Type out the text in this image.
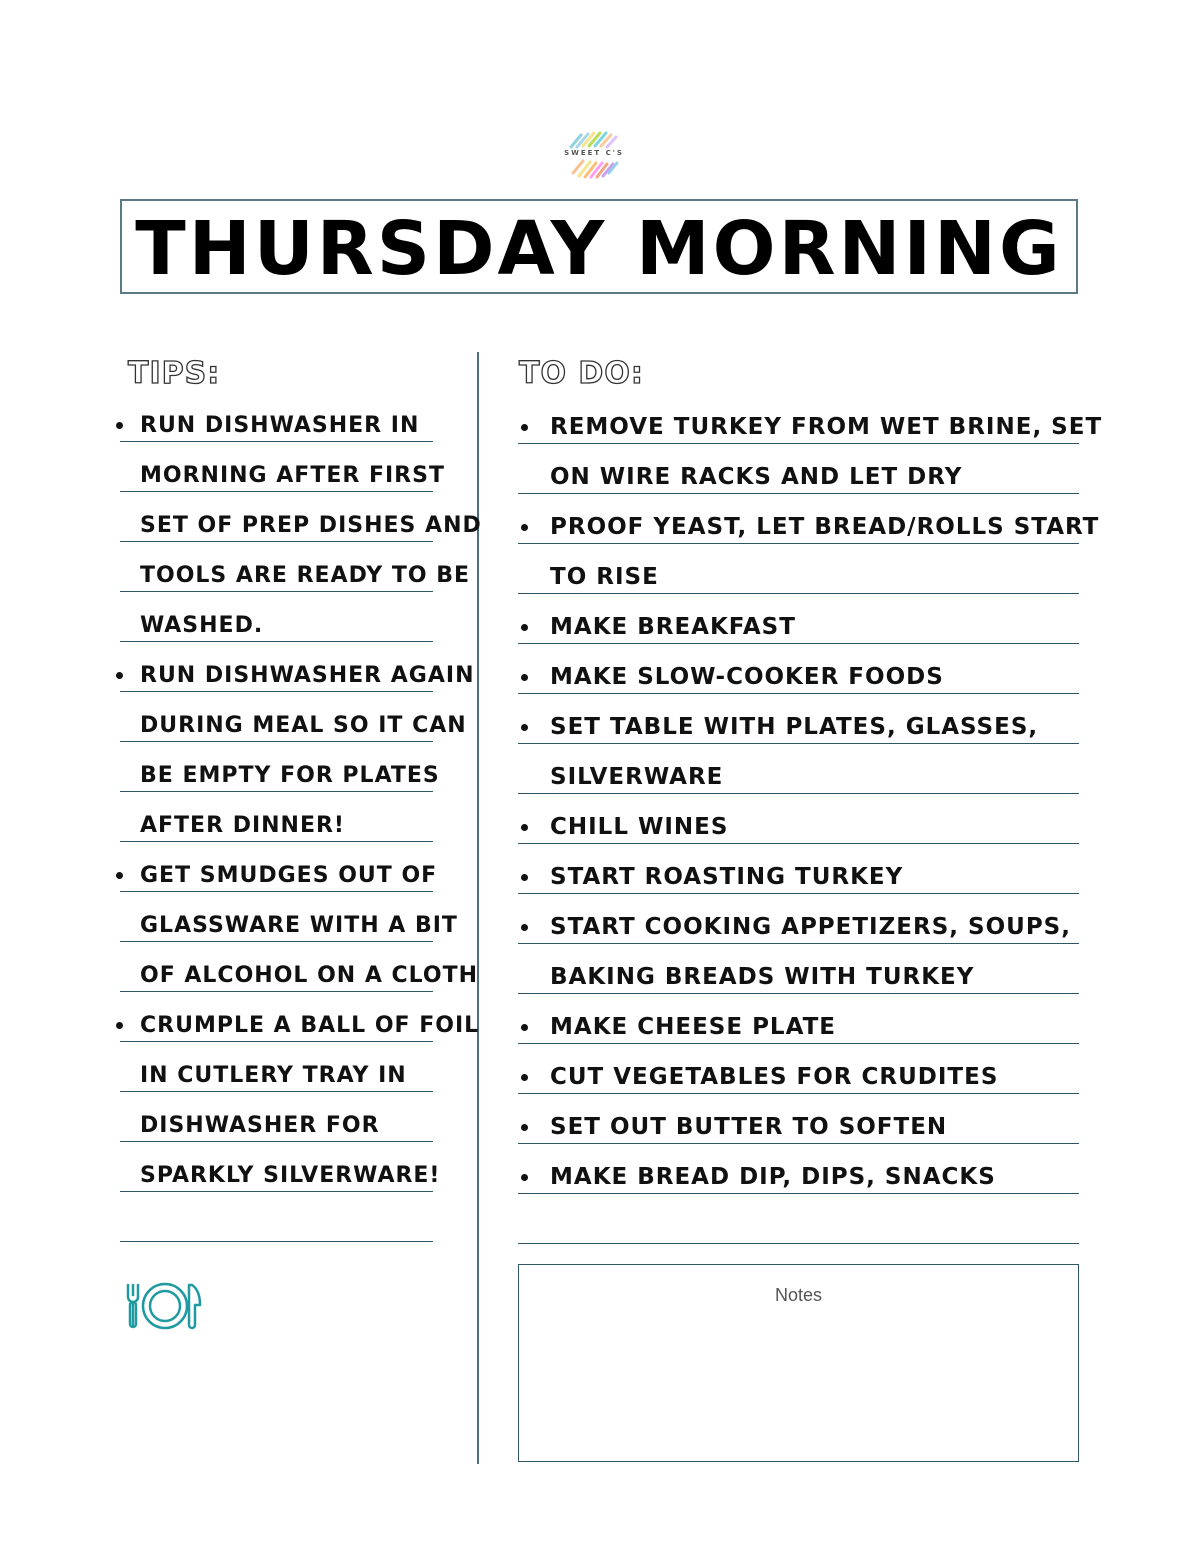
SWEET C'S
THURSDAY MORNING
TIPS:	TO DO:
RUN DISHWASHER IN
MORNING AFTER FIRST
SET OF PREP DISHES AND
TOOLS ARE READY TO BE
WASHED.
RUN DISHWASHER AGAIN
DURING MEAL SO IT CAN
BE EMPTY FOR PLATES
AFTER DINNER!
GET SMUDGES OUT OF
GLASSWARE WITH A BIT
OF ALCOHOL ON A CLOTH
CRUMPLE A BALL OF FOIL
IN CUTLERY TRAY IN
DISHWASHER FOR
SPARKLY SILVERWARE!
REMOVE TURKEY FROM WET BRINE, SET
ON WIRE RACKS AND LET DRY
PROOF YEAST, LET BREAD/ROLLS START
TO RISE
MAKE BREAKFAST
MAKE SLOW-COOKER FOODS
SET TABLE WITH PLATES, GLASSES,
SILVERWARE
CHILL WINES
START ROASTING TURKEY
START COOKING APPETIZERS, SOUPS,
BAKING BREADS WITH TURKEY
MAKE CHEESE PLATE
CUT VEGETABLES FOR CRUDITES
SET OUT BUTTER TO SOFTEN
MAKE BREAD DIP, DIPS, SNACKS
Notes
